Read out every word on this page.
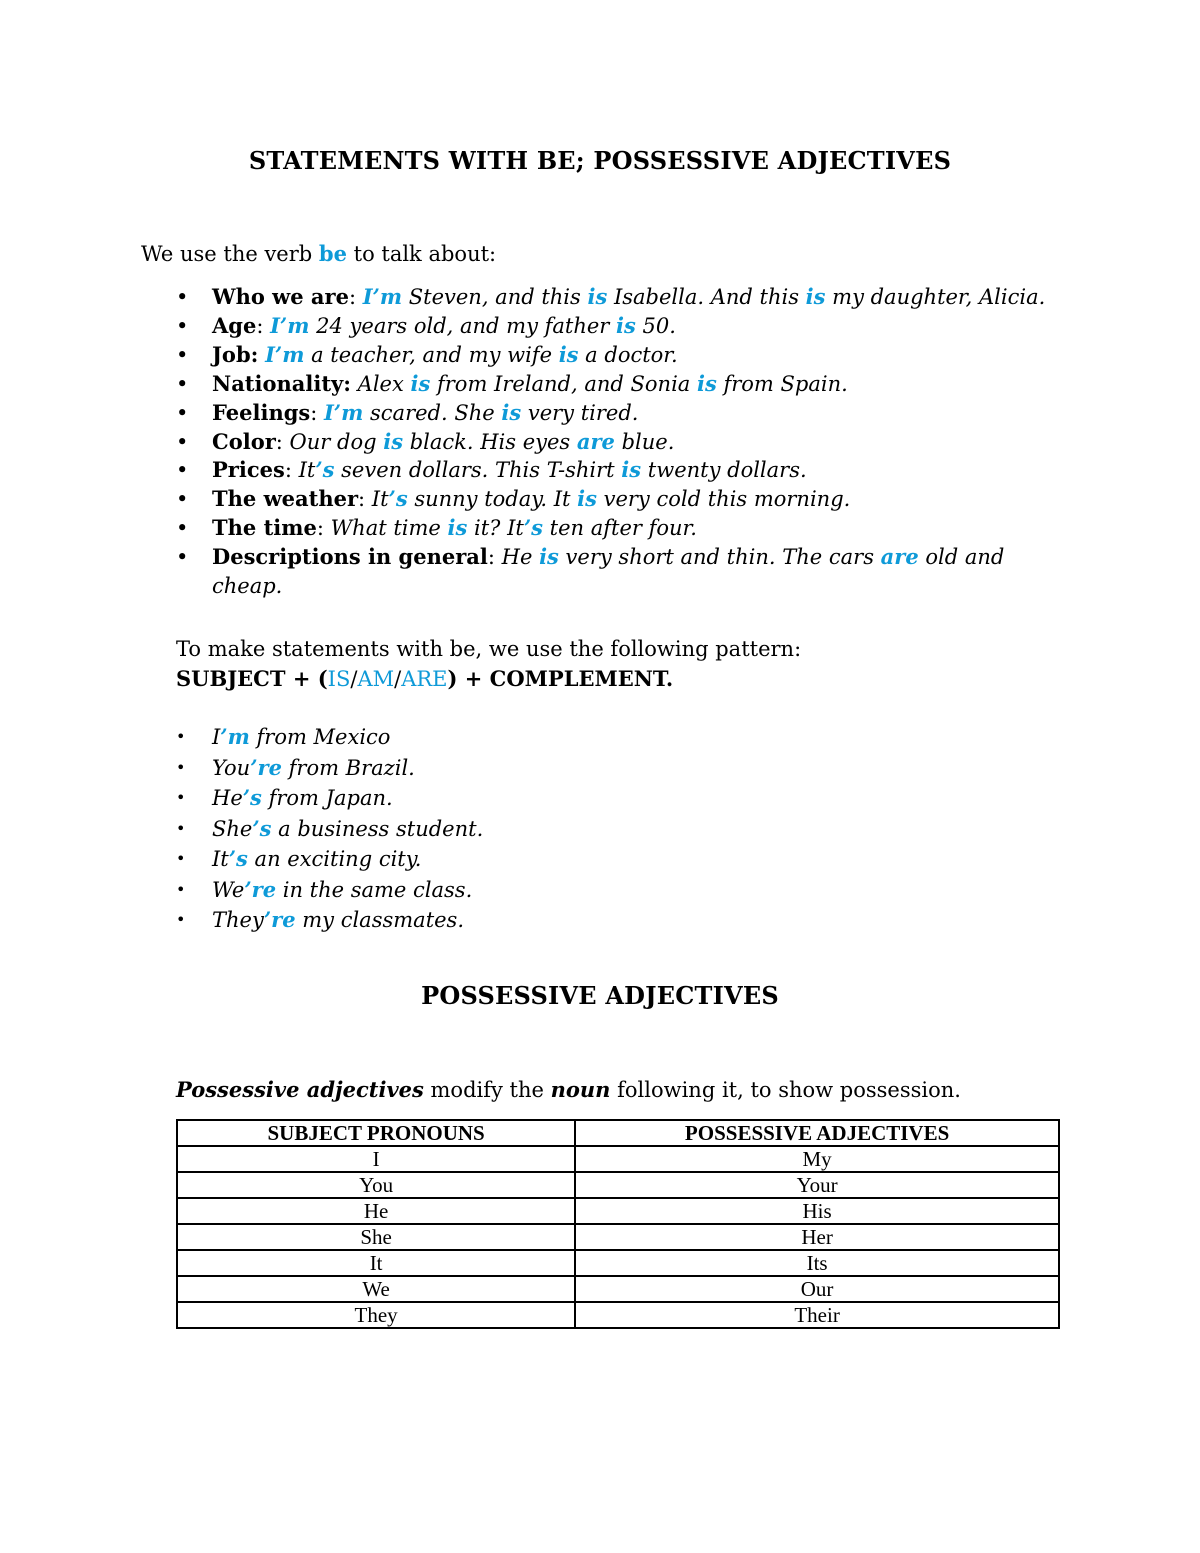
STATEMENTS WITH BE; POSSESSIVE ADJECTIVES
We use the verb be to talk about:
• Who we are: I’m Steven, and this is Isabella. And this is my daughter, Alicia.
• Age: I’m 24 years old, and my father is 50.
• Job: I’m a teacher, and my wife is a doctor.
• Nationality: Alex is from Ireland, and Sonia is from Spain.
• Feelings: I’m scared. She is very tired.
• Color: Our dog is black. His eyes are blue.
• Prices: It’s seven dollars. This T-shirt is twenty dollars.
• The weather: It’s sunny today. It is very cold this morning.
• The time: What time is it? It’s ten after four.
• Descriptions in general: He is very short and thin. The cars are old and cheap.
To make statements with be, we use the following pattern:
SUBJECT + (IS/AM/ARE) + COMPLEMENT.
• I’m from Mexico
• You’re from Brazil.
• He’s from Japan.
• She’s a business student.
• It’s an exciting city.
• We’re in the same class.
• They’re my classmates.
POSSESSIVE ADJECTIVES
Possessive adjectives modify the noun following it, to show possession.
SUBJECT PRONOUNS	POSSESSIVE ADJECTIVES
I	My
You	Your
He	His
She	Her
It	Its
We	Our
They	Their
